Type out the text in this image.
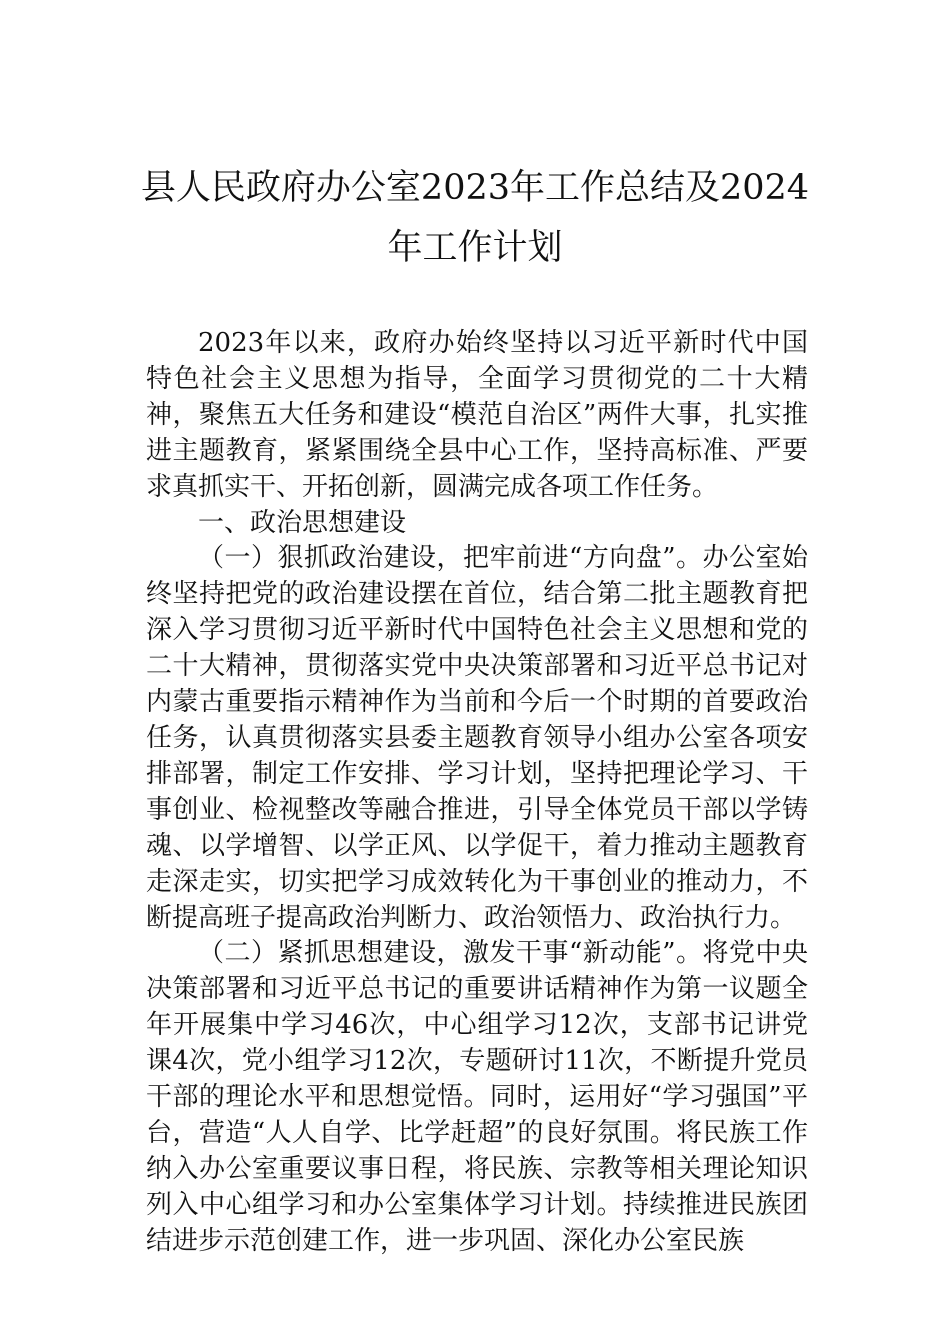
县人民政府办公室2023年工作总结及2024
年工作计划

2023年以来，政府办始终坚持以习近平新时代中国特色社会主义思想为指导，全面学习贯彻党的二十大精神，聚焦五大任务和建设“模范自治区”两件大事，扎实推进主题教育，紧紧围绕全县中心工作，坚持高标准、严要求真抓实干、开拓创新，圆满完成各项工作任务。

一、政治思想建设

（一）狠抓政治建设，把牢前进“方向盘”。办公室始终坚持把党的政治建设摆在首位，结合第二批主题教育把深入学习贯彻习近平新时代中国特色社会主义思想和党的二十大精神，贯彻落实党中央决策部署和习近平总书记对内蒙古重要指示精神作为当前和今后一个时期的首要政治任务，认真贯彻落实县委主题教育领导小组办公室各项安排部署，制定工作安排、学习计划，坚持把理论学习、干事创业、检视整改等融合推进，引导全体党员干部以学铸魂、以学增智、以学正风、以学促干，着力推动主题教育走深走实，切实把学习成效转化为干事创业的推动力，不断提高班子提高政治判断力、政治领悟力、政治执行力。

（二）紧抓思想建设，激发干事“新动能”。将党中央决策部署和习近平总书记的重要讲话精神作为第一议题全年开展集中学习46次，中心组学习12次，支部书记讲党课4次，党小组学习12次，专题研讨11次，不断提升党员干部的理论水平和思想觉悟。同时，运用好“学习强国”平台，营造“人人自学、比学赶超”的良好氛围。将民族工作纳入办公室重要议事日程，将民族、宗教等相关理论知识列入中心组学习和办公室集体学习计划。持续推进民族团结进步示范创建工作，进一步巩固、深化办公室民族
